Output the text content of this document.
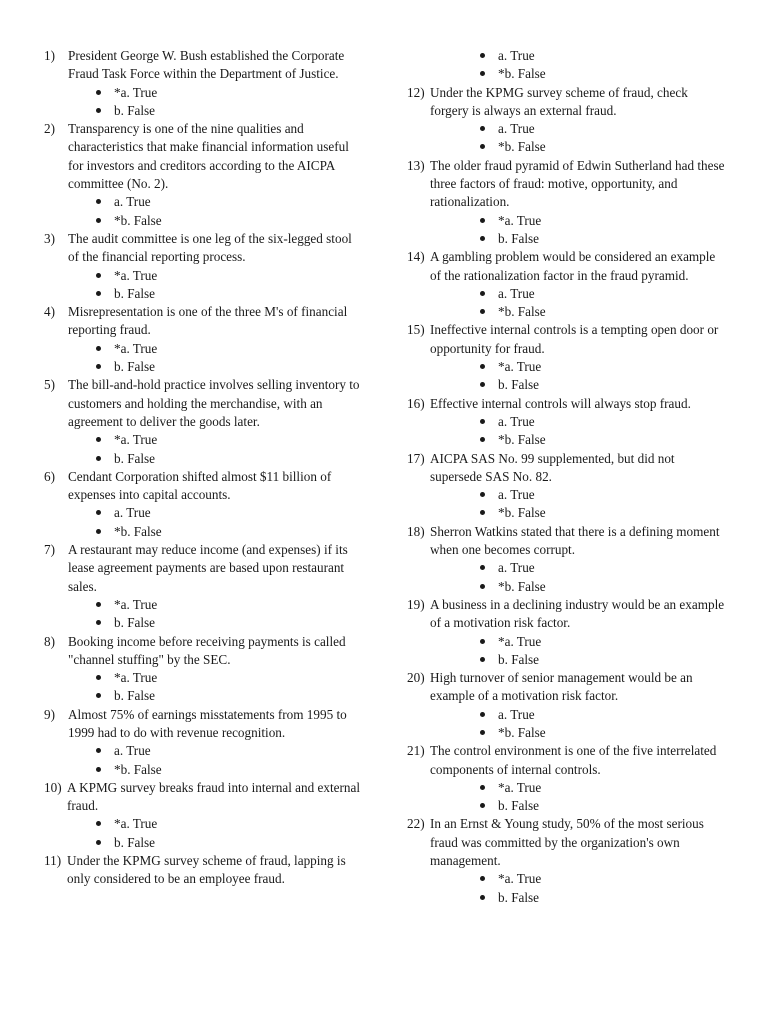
1) President George W. Bush established the Corporate Fraud Task Force within the Department of Justice.
*a. True
b. False
2) Transparency is one of the nine qualities and characteristics that make financial information useful for investors and creditors according to the AICPA committee (No. 2).
a. True
*b. False
3) The audit committee is one leg of the six-legged stool of the financial reporting process.
*a. True
b. False
4) Misrepresentation is one of the three M's of financial reporting fraud.
*a. True
b. False
5) The bill-and-hold practice involves selling inventory to customers and holding the merchandise, with an agreement to deliver the goods later.
*a. True
b. False
6) Cendant Corporation shifted almost $11 billion of expenses into capital accounts.
a. True
*b. False
7) A restaurant may reduce income (and expenses) if its lease agreement payments are based upon restaurant sales.
*a. True
b. False
8) Booking income before receiving payments is called "channel stuffing" by the SEC.
*a. True
b. False
9) Almost 75% of earnings misstatements from 1995 to 1999 had to do with revenue recognition.
a. True
*b. False
10) A KPMG survey breaks fraud into internal and external fraud.
*a. True
b. False
11) Under the KPMG survey scheme of fraud, lapping is only considered to be an employee fraud.
a. True
*b. False
12) Under the KPMG survey scheme of fraud, check forgery is always an external fraud.
a. True
*b. False
13) The older fraud pyramid of Edwin Sutherland had these three factors of fraud: motive, opportunity, and rationalization.
*a. True
b. False
14) A gambling problem would be considered an example of the rationalization factor in the fraud pyramid.
a. True
*b. False
15) Ineffective internal controls is a tempting open door or opportunity for fraud.
*a. True
b. False
16) Effective internal controls will always stop fraud.
a. True
*b. False
17) AICPA SAS No. 99 supplemented, but did not supersede SAS No. 82.
a. True
*b. False
18) Sherron Watkins stated that there is a defining moment when one becomes corrupt.
a. True
*b. False
19) A business in a declining industry would be an example of a motivation risk factor.
*a. True
b. False
20) High turnover of senior management would be an example of a motivation risk factor.
a. True
*b. False
21) The control environment is one of the five interrelated components of internal controls.
*a. True
b. False
22) In an Ernst & Young study, 50% of the most serious fraud was committed by the organization's own management.
*a. True
b. False
